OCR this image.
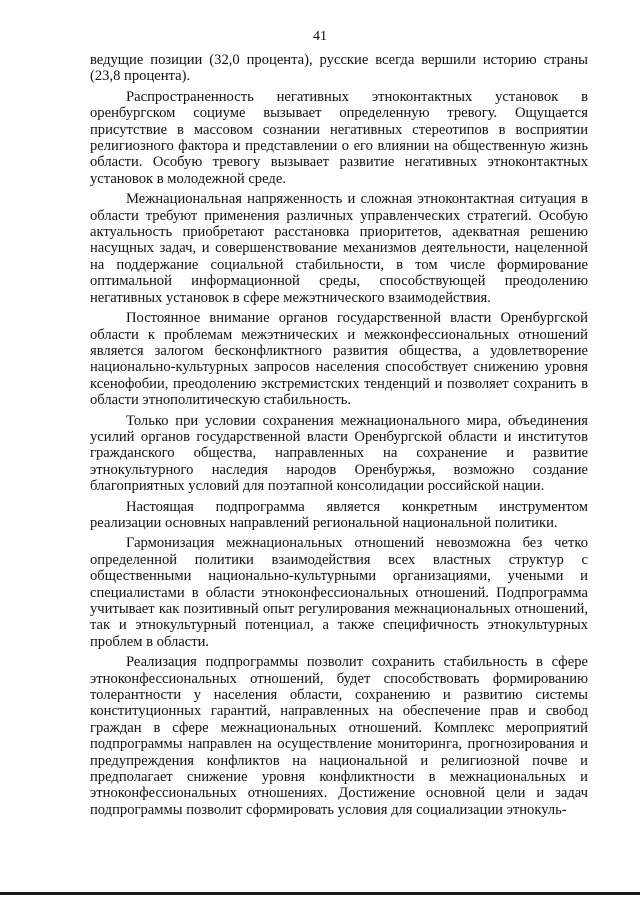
41

ведущие позиции (32,0 процента), русские всегда вершили историю страны (23,8 процента).

Распространенность негативных этноконтактных установок в оренбургском социуме вызывает определенную тревогу. Ощущается присутствие в массовом сознании негативных стереотипов в восприятии религиозного фактора и представлении о его влиянии на общественную жизнь области. Особую тревогу вызывает развитие негативных этноконтактных установок в молодежной среде.

Межнациональная напряженность и сложная этноконтактная ситуация в области требуют применения различных управленческих стратегий. Особую актуальность приобретают расстановка приоритетов, адекватная решению насущных задач, и совершенствование механизмов деятельности, нацеленной на поддержание социальной стабильности, в том числе формирование оптимальной информационной среды, способствующей преодолению негативных установок в сфере межэтнического взаимодействия.

Постоянное внимание органов государственной власти Оренбургской области к проблемам межэтнических и межконфессиональных отношений является залогом бесконфликтного развития общества, а удовлетворение национально-культурных запросов населения способствует снижению уровня ксенофобии, преодолению экстремистских тенденций и позволяет сохранить в области этнополитическую стабильность.

Только при условии сохранения межнационального мира, объединения усилий органов государственной власти Оренбургской области и институтов гражданского общества, направленных на сохранение и развитие этнокультурного наследия народов Оренбуржья, возможно создание благоприятных условий для поэтапной консолидации российской нации.

Настоящая подпрограмма является конкретным инструментом реализации основных направлений региональной национальной политики.

Гармонизация межнациональных отношений невозможна без четко определенной политики взаимодействия всех властных структур с общественными национально-культурными организациями, учеными и специалистами в области этноконфессиональных отношений. Подпрограмма учитывает как позитивный опыт регулирования межнациональных отношений, так и этнокультурный потенциал, а также специфичность этнокультурных проблем в области.

Реализация подпрограммы позволит сохранить стабильность в сфере этноконфессиональных отношений, будет способствовать формированию толерантности у населения области, сохранению и развитию системы конституционных гарантий, направленных на обеспечение прав и свобод граждан в сфере межнациональных отношений. Комплекс мероприятий подпрограммы направлен на осуществление мониторинга, прогнозирования и предупреждения конфликтов на национальной и религиозной почве и предполагает снижение уровня конфликтности в межнациональных и этноконфессиональных отношениях. Достижение основной цели и задач подпрограммы позволит сформировать условия для социализации этнокуль-
